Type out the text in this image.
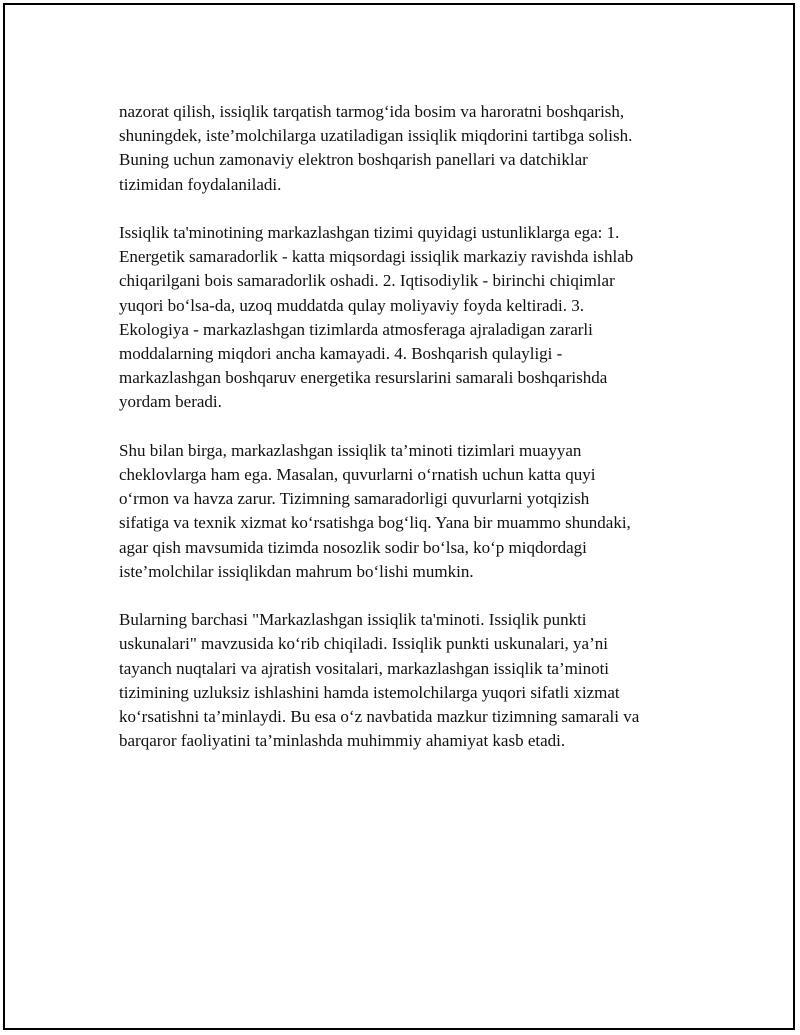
nazorat qilish, issiqlik tarqatish tarmog‘ida bosim va haroratni boshqarish,
shuningdek, iste’molchilarga uzatiladigan issiqlik miqdorini tartibga solish.
Buning uchun zamonaviy elektron boshqarish panellari va datchiklar
tizimidan foydalaniladi.

Issiqlik ta'minotining markazlashgan tizimi quyidagi ustunliklarga ega: 1.
Energetik samaradorlik - katta miqsordagi issiqlik markaziy ravishda ishlab
chiqarilgani bois samaradorlik oshadi. 2. Iqtisodiylik - birinchi chiqimlar
yuqori bo‘lsa-da, uzoq muddatda qulay moliyaviy foyda keltiradi. 3.
Ekologiya - markazlashgan tizimlarda atmosferaga ajraladigan zararli
moddalarning miqdori ancha kamayadi. 4. Boshqarish qulayligi -
markazlashgan boshqaruv energetika resurslarini samarali boshqarishda
yordam beradi.

Shu bilan birga, markazlashgan issiqlik ta’minoti tizimlari muayyan
cheklovlarga ham ega. Masalan, quvurlarni o‘rnatish uchun katta quyi
o‘rmon va havza zarur. Tizimning samaradorligi quvurlarni yotqizish
sifatiga va texnik xizmat ko‘rsatishga bog‘liq. Yana bir muammo shundaki,
agar qish mavsumida tizimda nosozlik sodir bo‘lsa, ko‘p miqdordagi
iste’molchilar issiqlikdan mahrum bo‘lishi mumkin.

Bularning barchasi "Markazlashgan issiqlik ta'minoti. Issiqlik punkti
uskunalari" mavzusida ko‘rib chiqiladi. Issiqlik punkti uskunalari, ya’ni
tayanch nuqtalari va ajratish vositalari, markazlashgan issiqlik ta’minoti
tizimining uzluksiz ishlashini hamda istemolchilarga yuqori sifatli xizmat
ko‘rsatishni ta’minlaydi. Bu esa o‘z navbatida mazkur tizimning samarali va
barqaror faoliyatini ta’minlashda muhimmiy ahamiyat kasb etadi.
